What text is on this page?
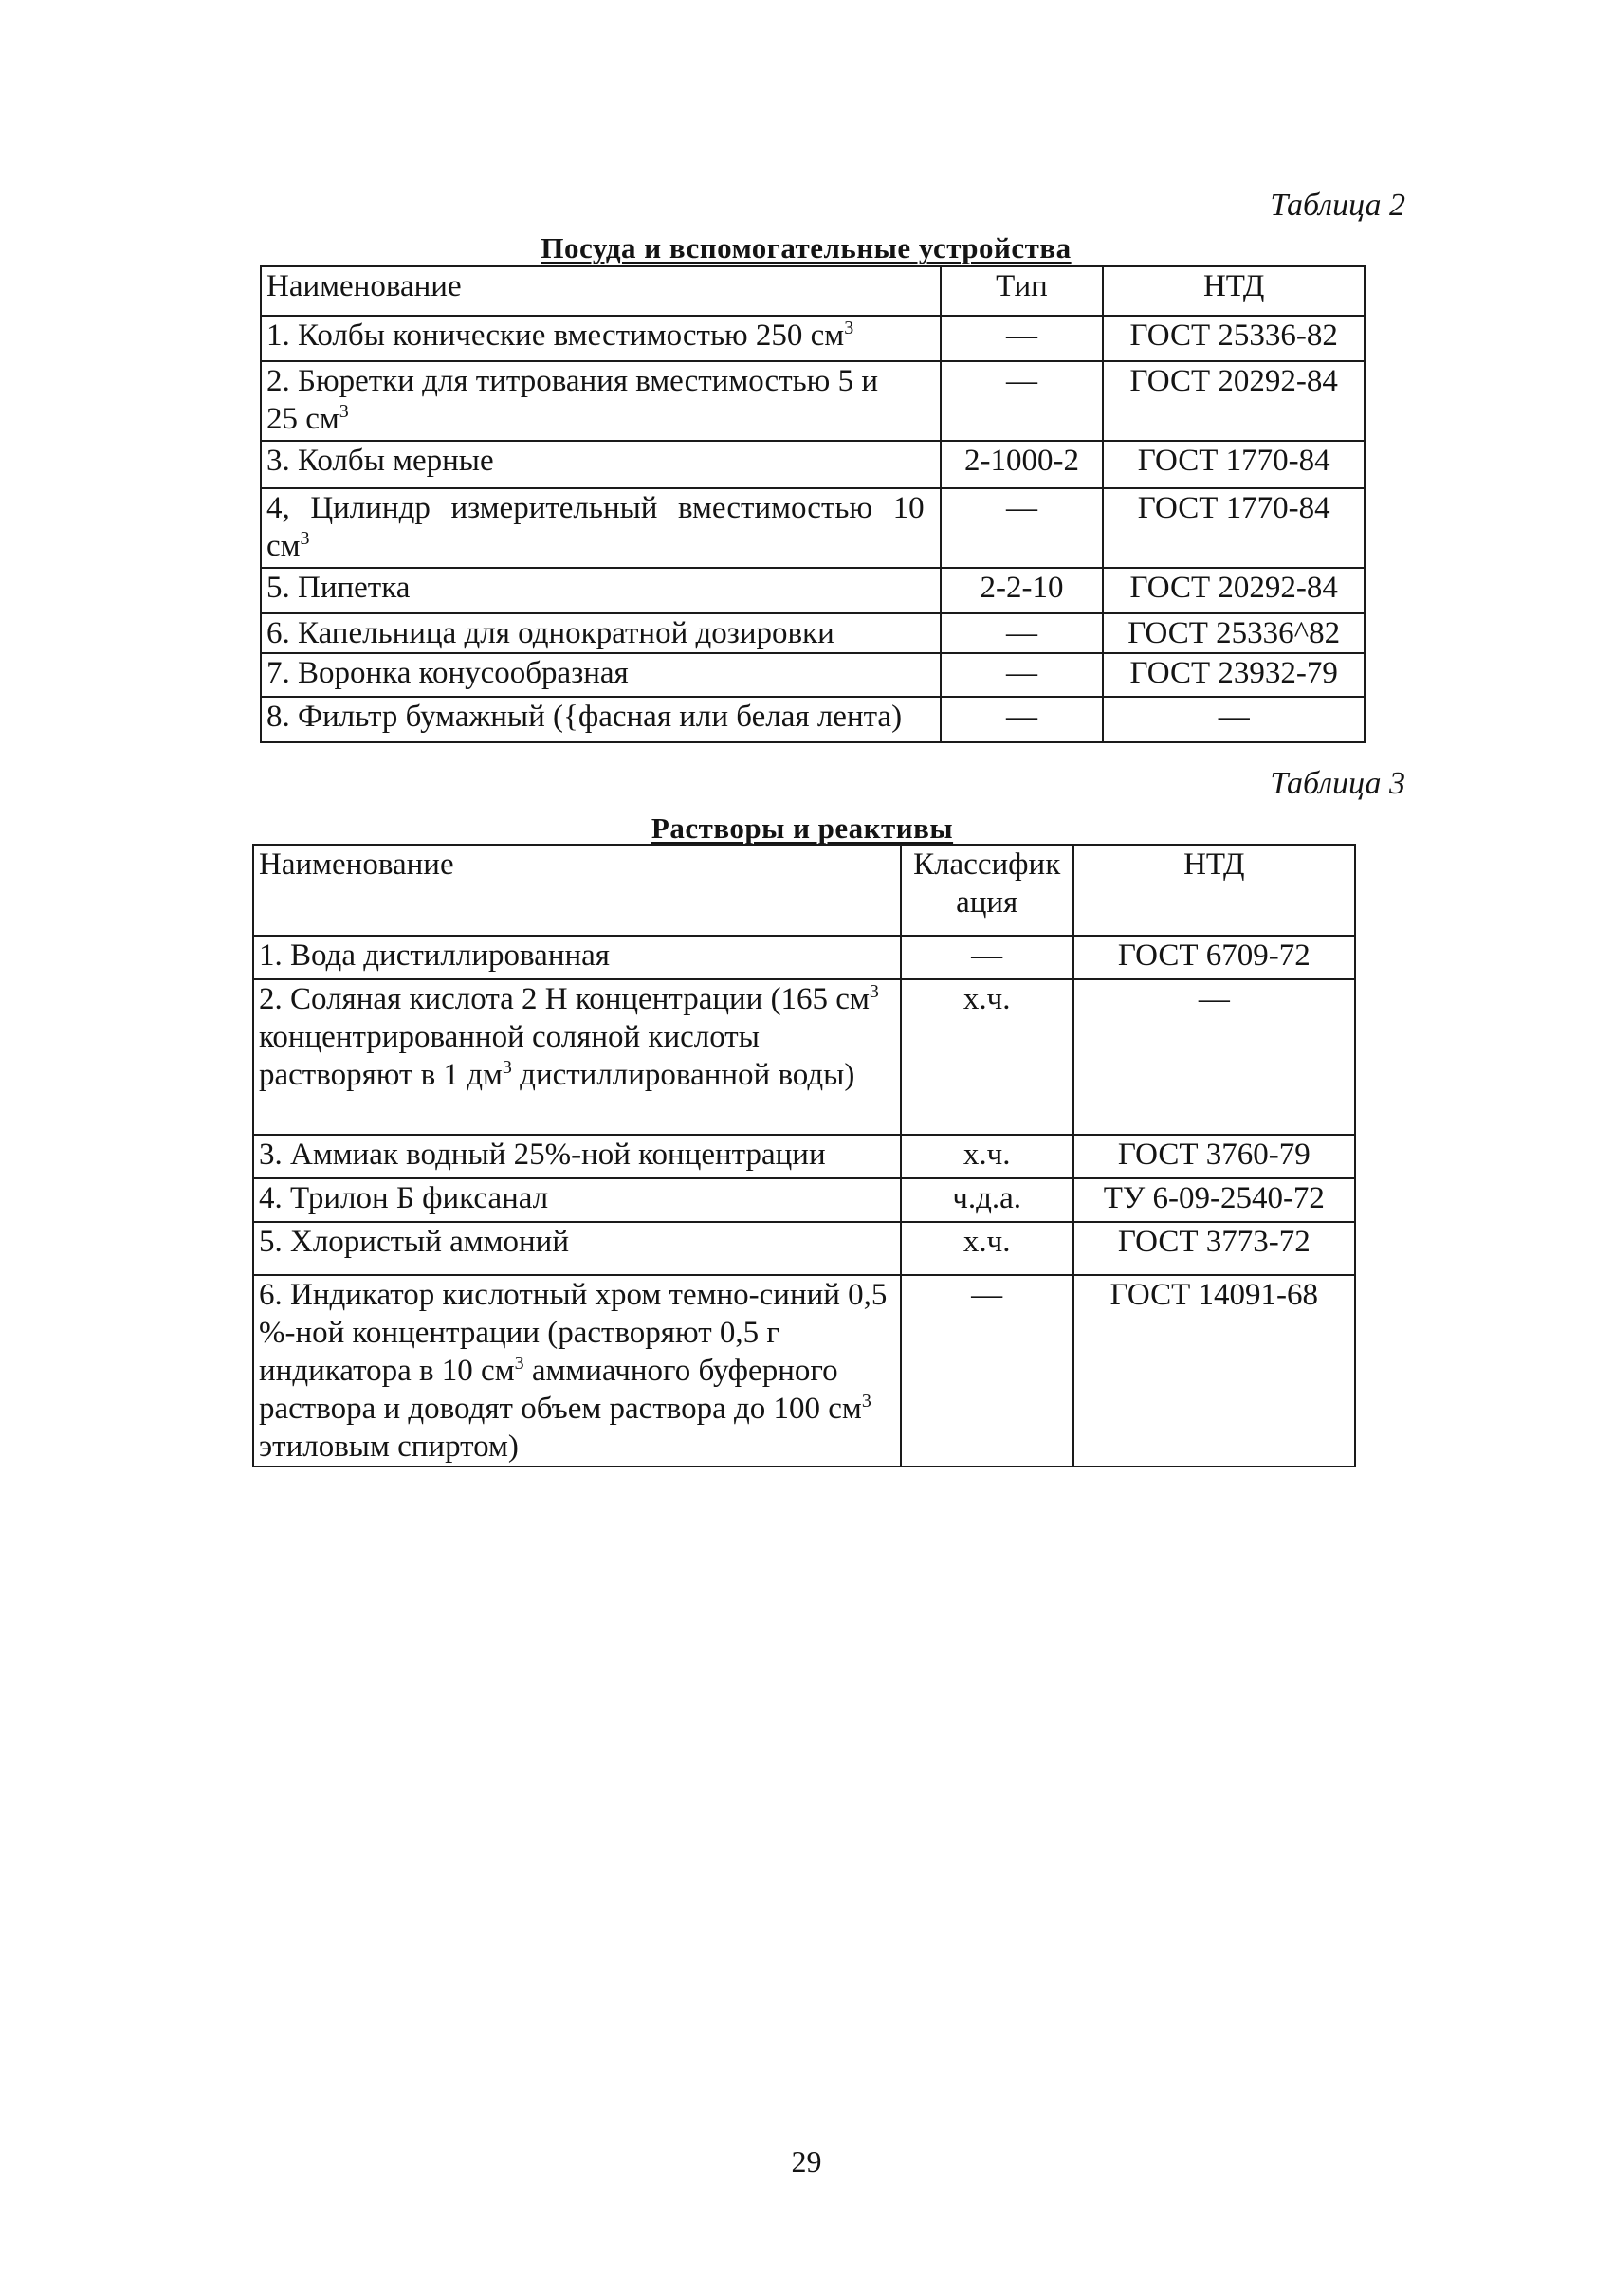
Таблица 2
Посуда и вспомогательные устройства
Наименование	Тип	НТД
1. Колбы конические вместимостью 250 $см^3$	—	ГОСТ 25336-82
2. Бюретки для титрования вместимостью 5 и 25 $см^3$	—	ГОСТ 20292-84
3. Колбы мерные	2-1000-2	ГОСТ 1770-84
4, Цилиндр измерительный вместимостью 10 $см^3$	—	ГОСТ 1770-84
5. Пипетка	2-2-10	ГОСТ 20292-84
6. Капельница для однократной дозировки	—	ГОСТ 25336^82
7. Воронка конусообразная	—	ГОСТ 23932-79
8. Фильтр бумажный ({фасная или белая лента)	—	—
Таблица 3
Растворы и реактивы
Наименование	Классифик ация	НТД
1. Вода дистиллированная	—	ГОСТ 6709-72
2. Соляная кислота 2 Н концентрации (165 $см^3$ концентрированной соляной кислоты растворяют в 1 $дм^3$ дистиллированной воды)	х.ч.	—
3. Аммиак водный 25%-ной концентрации	х.ч.	ГОСТ 3760-79
4. Трилон Б фиксанал	ч.д.а.	ТУ 6-09-2540-72
5. Хлористый аммоний	х.ч.	ГОСТ 3773-72
6. Индикатор кислотный хром темно-синий 0,5 %-ной концентрации (растворяют 0,5 г индикатора в 10 $см^3$ аммиачного буферного раствора и доводят объем раствора до 100 $см^3$ этиловым спиртом)	—	ГОСТ 14091-68
29
